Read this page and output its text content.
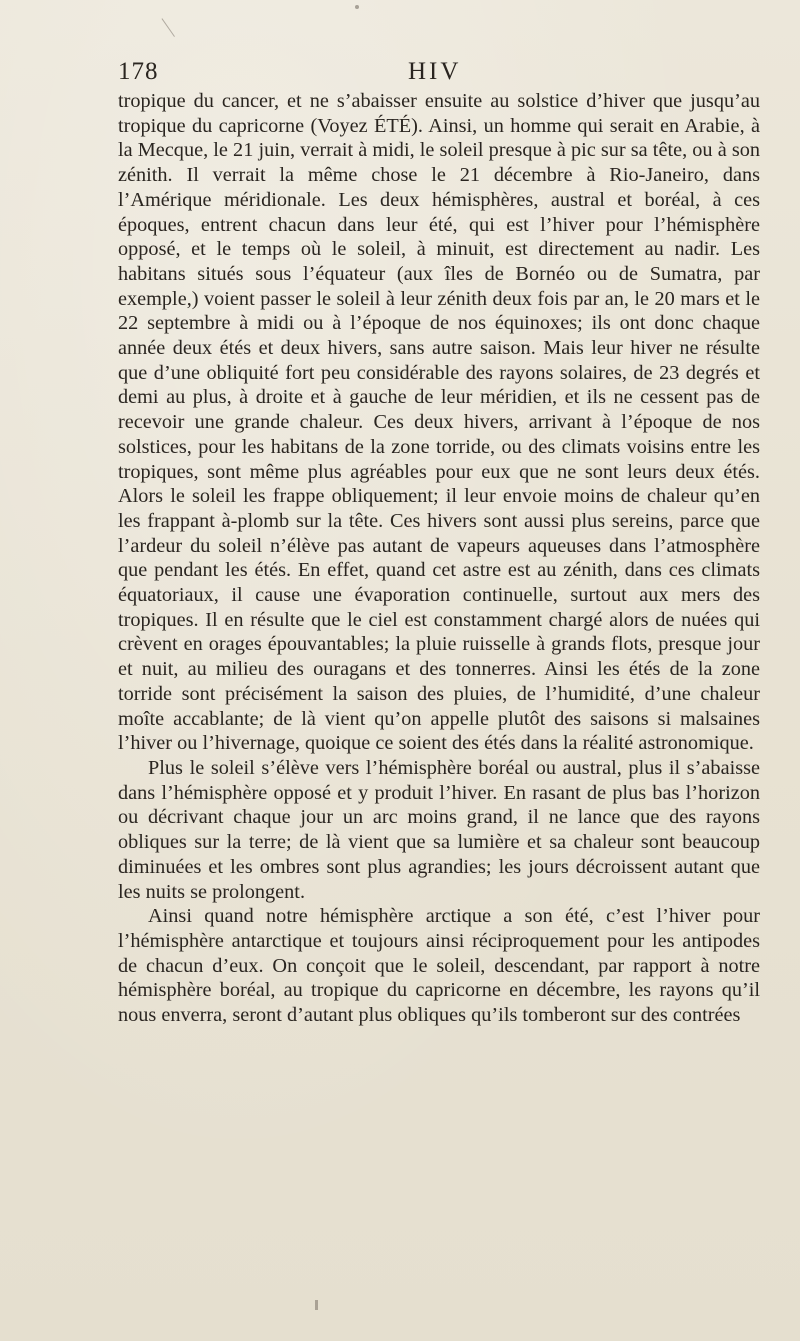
178	HIV

tropique du cancer, et ne s’abaisser ensuite au solstice d’hiver que jusqu’au tropique du capricorne (Voyez ÉTÉ). Ainsi, un homme qui serait en Arabie, à la Mecque, le 21 juin, verrait à midi, le soleil presque à pic sur sa tête, ou à son zénith. Il verrait la même chose le 21 décembre à Rio-Janeiro, dans l’Amérique méridionale. Les deux hémisphères, austral et boréal, à ces époques, entrent chacun dans leur été, qui est l’hiver pour l’hémisphère opposé, et le temps où le soleil, à minuit, est directement au nadir. Les habitans situés sous l’équateur (aux îles de Bornéo ou de Sumatra, par exemple,) voient passer le soleil à leur zénith deux fois par an, le 20 mars et le 22 septembre à midi ou à l’époque de nos équinoxes; ils ont donc chaque année deux étés et deux hivers, sans autre saison. Mais leur hiver ne résulte que d’une obliquité fort peu considérable des rayons solaires, de 23 degrés et demi au plus, à droite et à gauche de leur méridien, et ils ne cessent pas de recevoir une grande chaleur. Ces deux hivers, arrivant à l’époque de nos solstices, pour les habitans de la zone torride, ou des climats voisins entre les tropiques, sont même plus agréables pour eux que ne sont leurs deux étés. Alors le soleil les frappe obliquement; il leur envoie moins de chaleur qu’en les frappant à-plomb sur la tête. Ces hivers sont aussi plus sereins, parce que l’ardeur du soleil n’élève pas autant de vapeurs aqueuses dans l’atmosphère que pendant les étés. En effet, quand cet astre est au zénith, dans ces climats équatoriaux, il cause une évaporation continuelle, surtout aux mers des tropiques. Il en résulte que le ciel est constamment chargé alors de nuées qui crèvent en orages épouvantables; la pluie ruisselle à grands flots, presque jour et nuit, au milieu des ouragans et des tonnerres. Ainsi les étés de la zone torride sont précisément la saison des pluies, de l’humidité, d’une chaleur moîte accablante; de là vient qu’on appelle plutôt des saisons si malsaines l’hiver ou l’hivernage, quoique ce soient des étés dans la réalité astronomique.

Plus le soleil s’élève vers l’hémisphère boréal ou austral, plus il s’abaisse dans l’hémisphère opposé et y produit l’hiver. En rasant de plus bas l’horizon ou décrivant chaque jour un arc moins grand, il ne lance que des rayons obliques sur la terre; de là vient que sa lumière et sa chaleur sont beaucoup diminuées et les ombres sont plus agrandies; les jours décroissent autant que les nuits se prolongent.

Ainsi quand notre hémisphère arctique a son été, c’est l’hiver pour l’hémisphère antarctique et toujours ainsi réciproquement pour les antipodes de chacun d’eux. On conçoit que le soleil, descendant, par rapport à notre hémisphère boréal, au tropique du capricorne en décembre, les rayons qu’il nous enverra, seront d’autant plus obliques qu’ils tomberont sur des contrées
